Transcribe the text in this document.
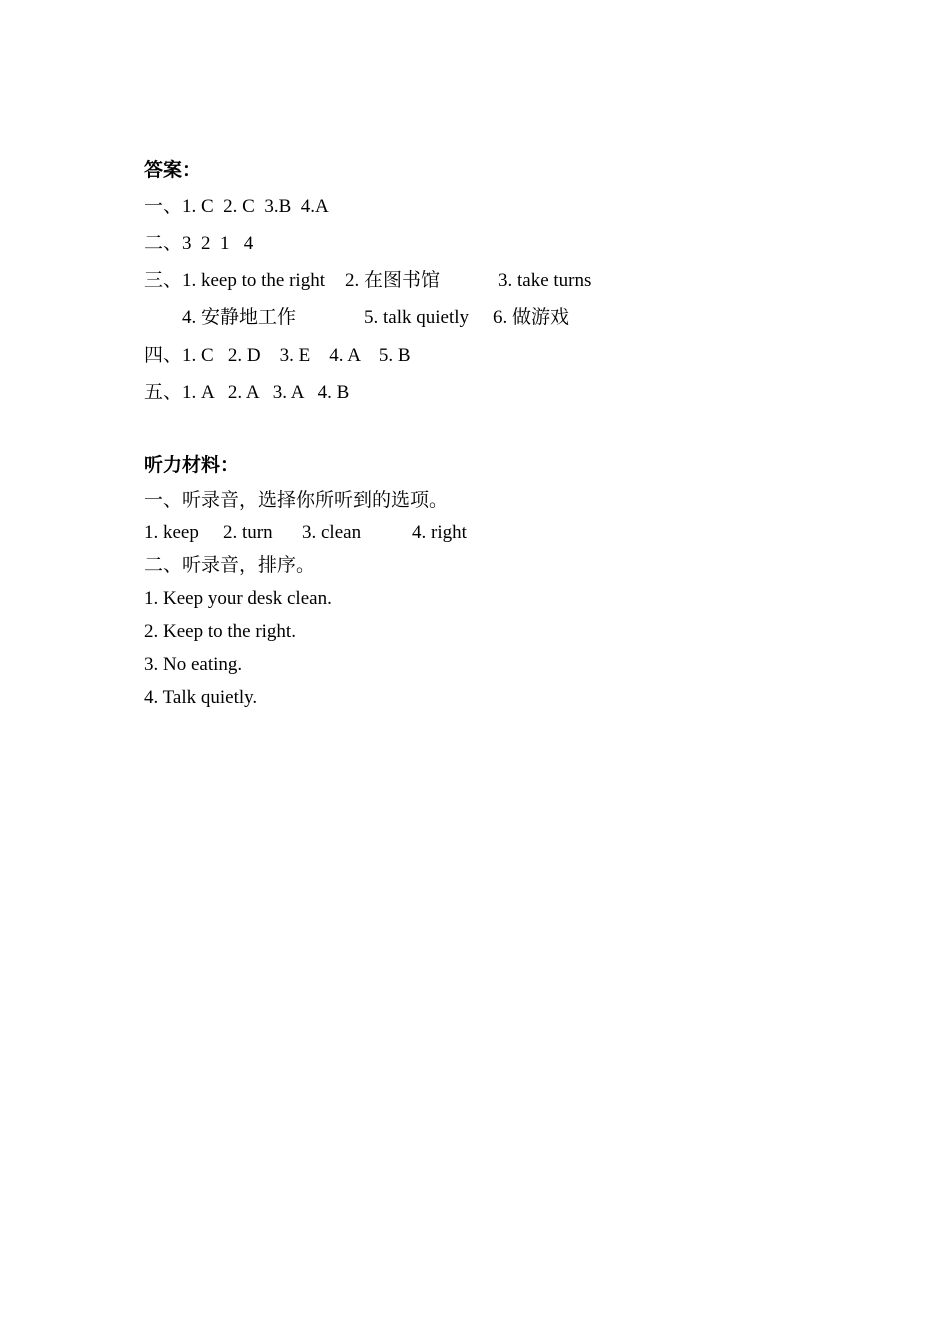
答案：
一、1. C  2. C  3.B  4.A
二、3  2  1   4

三、

1. keep to the right

2. 在图书馆

	3. take turns

4. 安静地工作

	5. talk quietly

6. 做游戏

四、1. C   2. D    3. E    4. A    5. B
五、1. A   2. A   3. A   4. B
听力材料：
一、听录音，选择你所听到的选项。

1. keep

2. turn

3. clean

	4. right

二、听录音，排序。
1. Keep your desk clean.
2. Keep to the right.
3. No eating.
4. Talk quietly.
